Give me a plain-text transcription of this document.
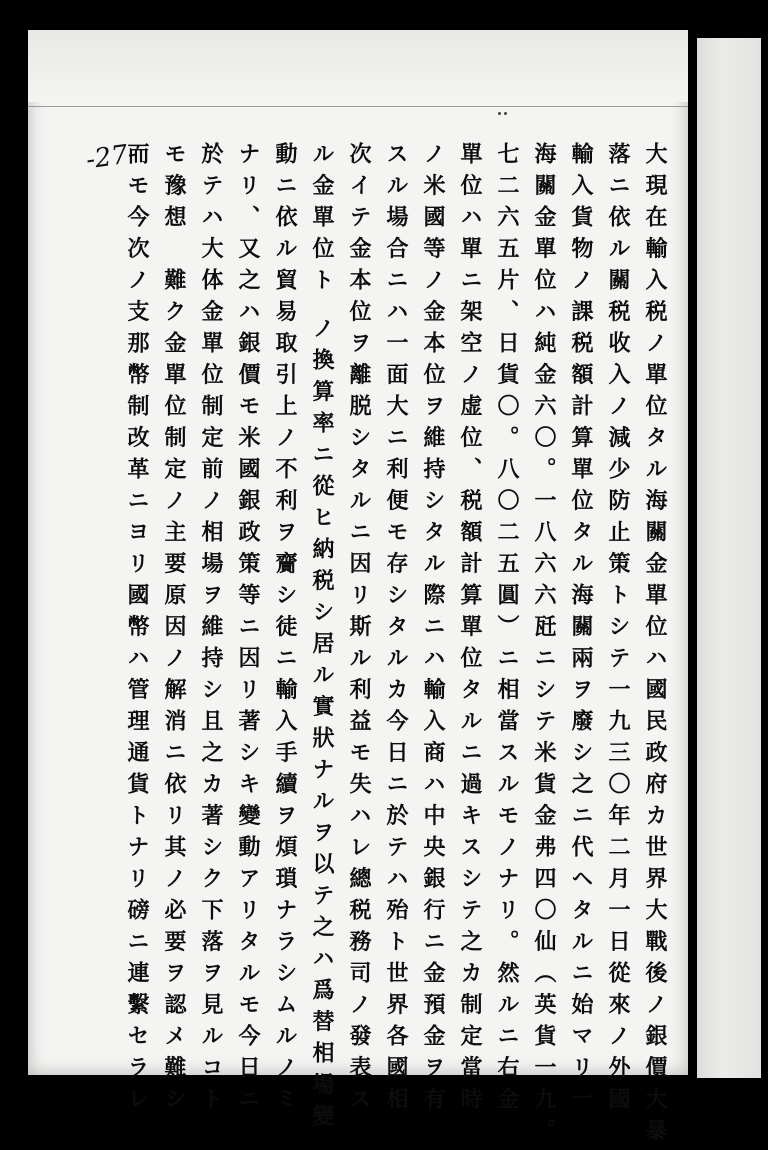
-27-	大現在輸入税ノ單位タル海關金單位ハ國民政府カ世界大戰後ノ銀價大暴
落ニ依ル關税收入ノ減少防止策トシテ一九三〇年二月一日從來ノ外國
輸入貨物ノ課税額計算單位タル海關兩ヲ廢シ之ニ代ヘタルニ始マリ一
海關金單位ハ純金六〇。一八六六瓩ニシテ米貨金弗四〇仙（英貨一九。
七二六五片、日貨〇。八〇二五圓）ニ相當スルモノナリ。然ルニ右金
單位ハ單ニ架空ノ虚位、税額計算單位タルニ過キスシテ之カ制定當時
ノ米國等ノ金本位ヲ維持シタル際ニハ輸入商ハ中央銀行ニ金預金ヲ有
スル場合ニハ一面大ニ利便モ存シタルカ今日ニ於テハ殆ト世界各國相
次イテ金本位ヲ離脱シタルニ因リ斯ル利益モ失ハレ總税務司ノ發表ス
ル金單位ト ノ換算率ニ從ヒ納税シ居ル實狀ナルヲ以テ之ハ爲替相場變
動ニ依ル貿易取引上ノ不利ヲ齎シ徒ニ輸入手續ヲ煩瑣ナラシムルノミ
ナリ、又之ハ銀價モ米國銀政策等ニ因リ著シキ變動アリタルモ今日ニ
於テハ大体金單位制定前ノ相場ヲ維持シ且之カ著シク下落ヲ見ルコト
モ豫想　難ク金單位制定ノ主要原因ノ解消ニ依リ其ノ必要ヲ認メ難シ
而モ今次ノ支那幣制改革ニヨリ國幣ハ管理通貨トナリ磅ニ連繫セラレ
